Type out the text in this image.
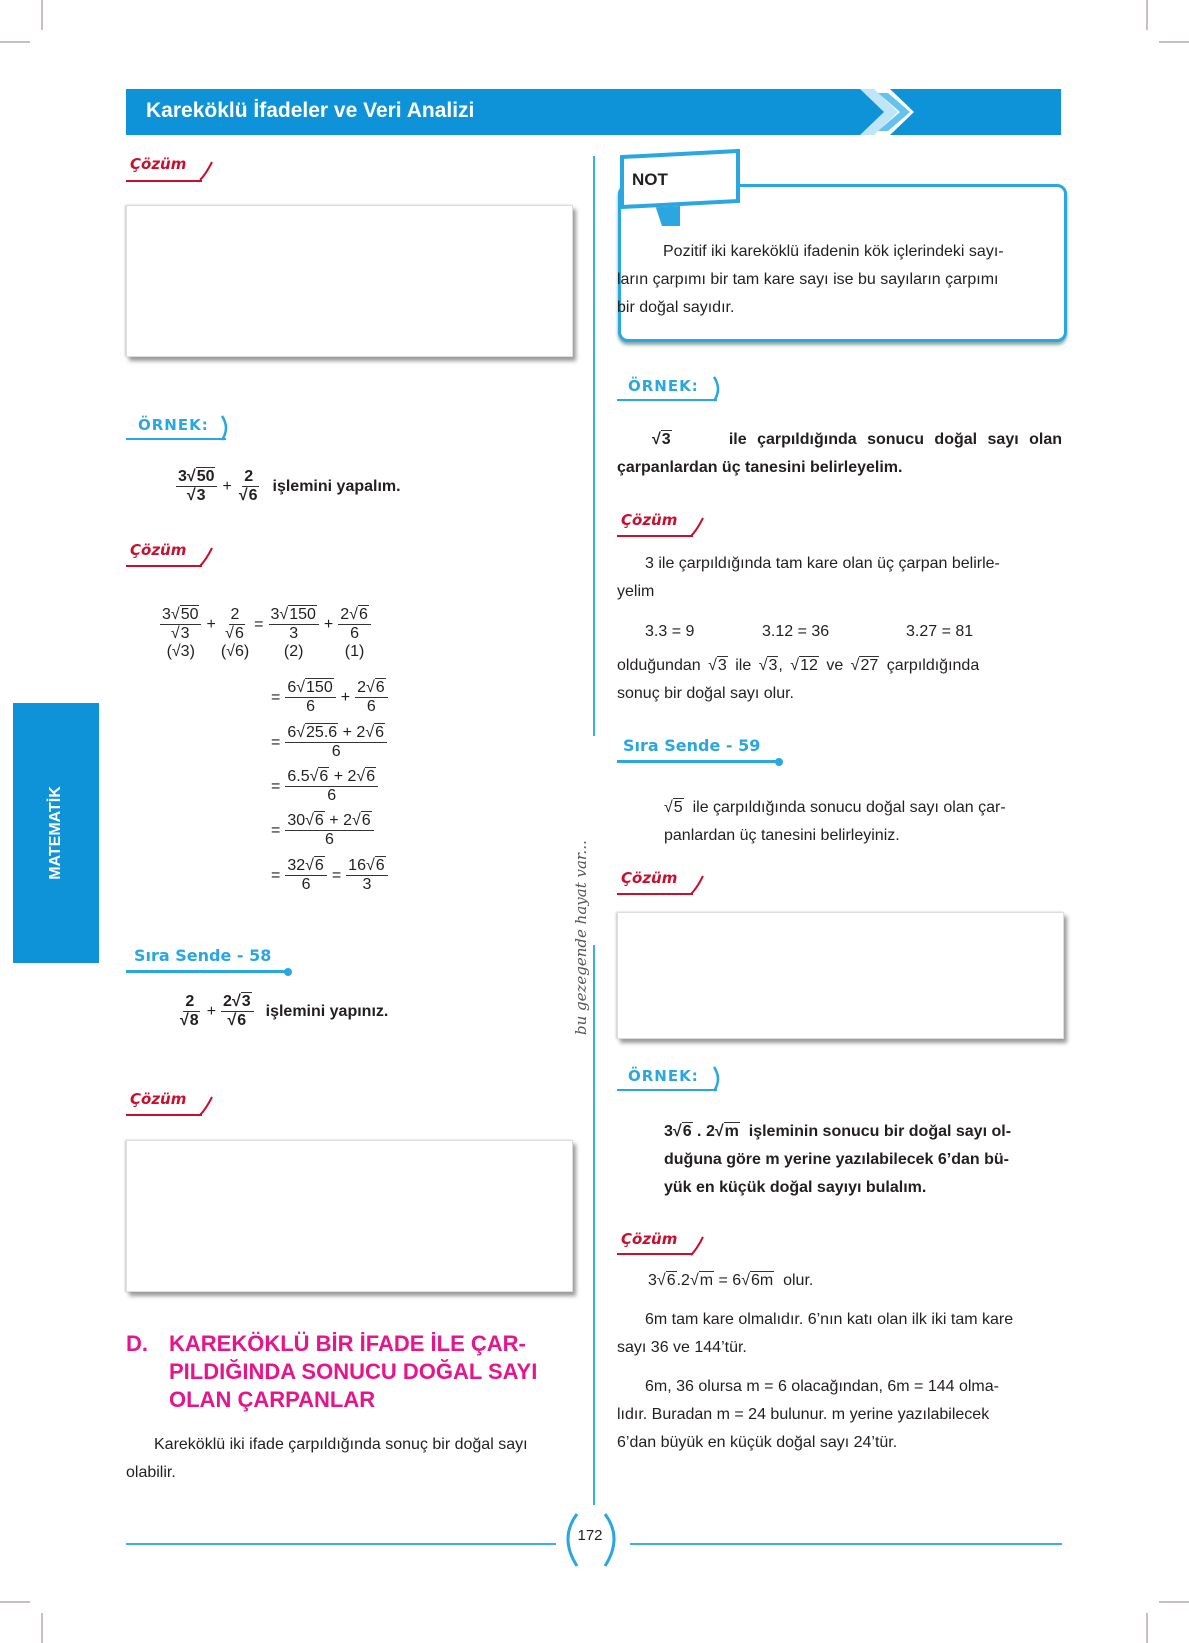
Kareköklü İfadeler ve Veri Analizi
MATEMATİK
bu gezegende hayat var...
Çözüm
ÖRNEK:
$\frac{3√50}{√3} + \frac{2}{√6}$ işlemini yapalım.
Çözüm
3√50
√3
(√3)
+
2
√6
(√6)
=
3√150
3
(2)
+
2√6
6
(1)
= $\frac{6√150}{6} + \frac{2√6}{6}$
= $\frac{6√25.6 + 2√6}{6}$
= $\frac{6.5√6 + 2√6}{6}$
= $\frac{30√6 + 2√6}{6}$
= $\frac{32√6}{6} = \frac{16√6}{3}$
Sıra Sende - 58
$\frac{2}{√8} + \frac{2√3}{√6}$ işlemini yapınız.
Çözüm
D. KAREKÖKLÜ BİR İFADE İLE ÇAR-
PILDIĞINDA SONUCU DOĞAL SAYI
OLAN ÇARPANLAR
Kareköklü iki ifade çarpıldığında sonuç bir doğal sayı
olabilir.
NOT
Pozitif iki kareköklü ifadenin kök içlerindeki sayı-
ların çarpımı bir tam kare sayı ise bu sayıların çarpımı
bir doğal sayıdır.
ÖRNEK:
√3	ile çarpıldığında sonucu doğal sayı olan
çarpanlardan üç tanesini belirleyelim.
Çözüm
3 ile çarpıldığında tam kare olan üç çarpan belirle-
yelim
3.3 = 9	3.12 = 36	3.27 = 81
olduğundan √3 ile √3, √12 ve √27 çarpıldığında
sonuç bir doğal sayı olur.
Sıra Sende - 59
√5 ile çarpıldığında sonucu doğal sayı olan çar-
panlardan üç tanesini belirleyiniz.
Çözüm
ÖRNEK:
3√6 . 2√m işleminin sonucu bir doğal sayı ol-
duğuna göre m yerine yazılabilecek 6’dan bü-
yük en küçük doğal sayıyı bulalım.
Çözüm
3√6.2√m = 6√6m olur.
6m tam kare olmalıdır. 6’nın katı olan ilk iki tam kare
sayı 36 ve 144’tür.
6m, 36 olursa m = 6 olacağından, 6m = 144 olma-
lıdır. Buradan m = 24 bulunur. m yerine yazılabilecek
6’dan büyük en küçük doğal sayı 24’tür.
172
